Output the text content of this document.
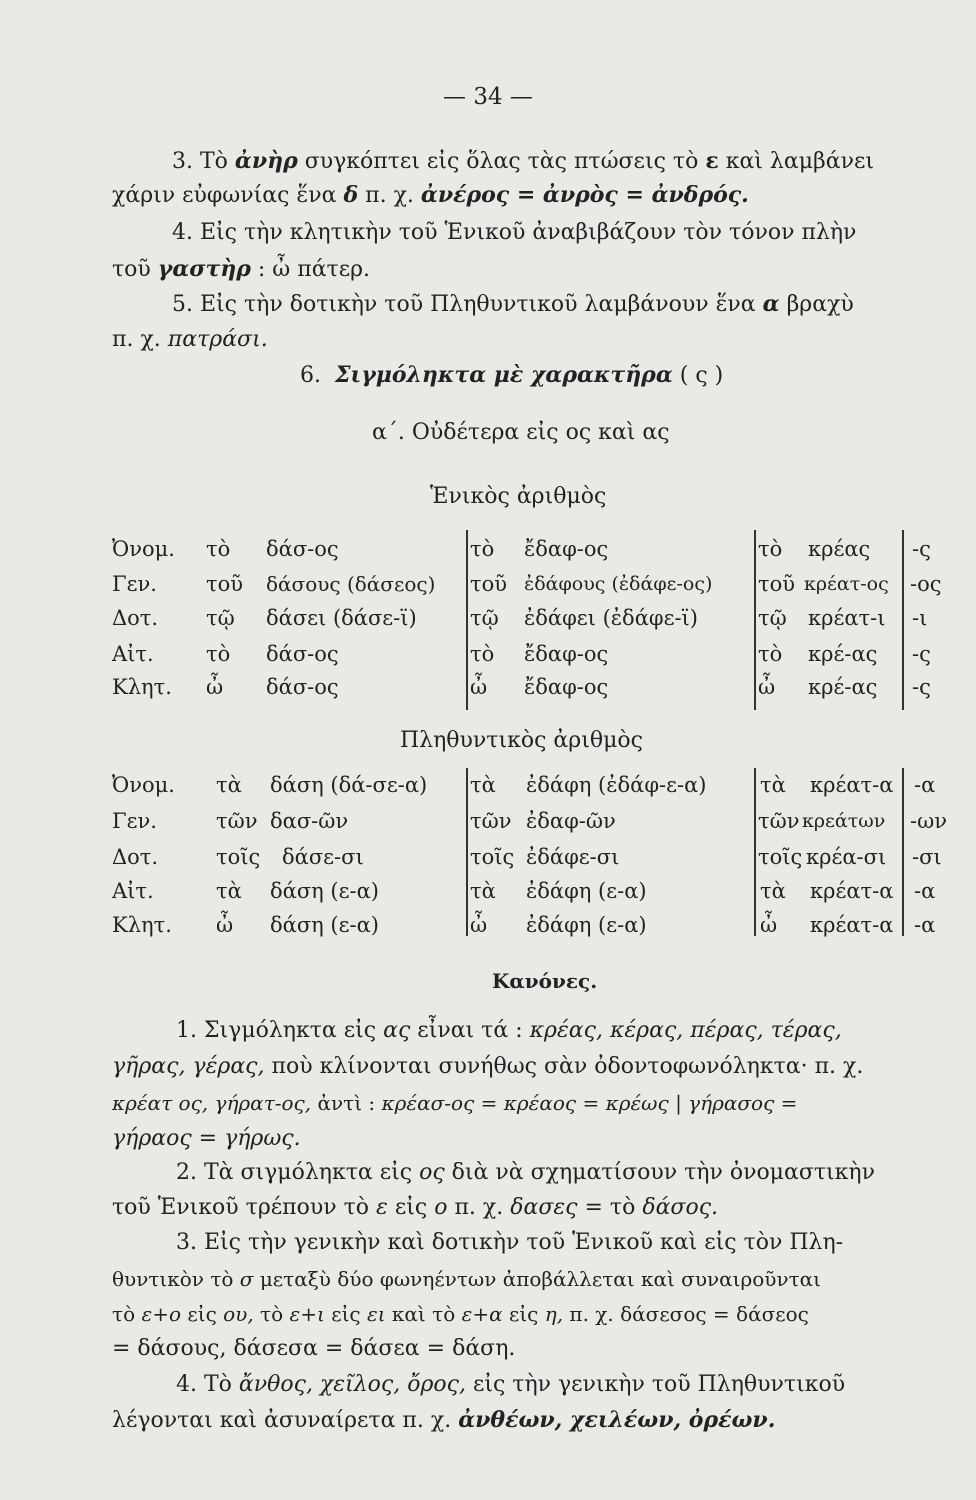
— 34 —
3. Τὸ ἀνὴρ συγκόπτει εἰς ὅλας τὰς πτώσεις τὸ ε καὶ λαμβάνει
χάριν εὐφωνίας ἕνα δ π. χ. ἀνέρος = ἀνρὸς = ἀνδρός.
4. Εἰς τὴν κλητικὴν τοῦ Ἑνικοῦ ἀναβιβάζουν τὸν τόνον πλὴν
τοῦ γαστὴρ : ὦ πάτερ.
5. Εἰς τὴν δοτικὴν τοῦ Πληθυντικοῦ λαμβάνουν ἕνα α βραχὺ
π. χ. πατράσι.
6. Σιγμόληκτα μὲ χαρακτῆρα ( ς )
α΄. Οὐδέτερα εἰς ος καὶ ας
Ἑνικὸς ἀριθμὸς
Ὀνομ. τὸ δάσ-ος	τὸ ἔδαφ-ος	τὸ κρέας -ς
Γεν. τοῦ δάσους (δάσεος) τοῦ ἐδάφους (ἐδάφε-ος) τοῦ κρέατ-ος -ος
Δοτ. τῷ δάσει (δάσε-ϊ)	τῷ ἐδάφει (ἐδάφε-ϊ)	τῷ κρέατ-ι -ι
Αἰτ. τὸ δάσ-ος	τὸ ἔδαφ-ος	τὸ κρέ-ας -ς
Κλητ. ὦ δάσ-ος	ὦ ἔδαφ-ος	ὦ κρέ-ας -ς
Πληθυντικὸς ἀριθμὸς
Ὀνομ. τὰ δάση (δά-σε-α) τὰ ἐδάφη (ἐδάφ-ε-α)	τὰ κρέατ-α -α
Γεν.	τῶν δασ-ῶν	τῶν ἐδαφ-ῶν	τῶν κρεάτων -ων
Δοτ.	τοῖς δάσε-σι	τοῖς ἐδάφε-σι	τοῖς κρέα-σι -σι
Αἰτ.	τὰ δάση (ε-α)	τὰ ἐδάφη (ε-α)	τὰ κρέατ-α -α
Κλητ. ὦ δάση (ε-α)	ὦ ἐδάφη (ε-α)	ὦ κρέατ-α -α
Κανόνες.
1. Σιγμόληκτα εἰς ας εἶναι τά : κρέας, κέρας, πέρας, τέρας,
γῆρας, γέρας, ποὺ κλίνονται συνήθως σὰν ὀδοντοφωνόληκτα· π. χ.
κρέατ ος, γήρατ-ος, ἀντὶ : κρέασ-ος = κρέαος = κρέως | γήρασος =
γήραος = γήρως.
2. Τὰ σιγμόληκτα εἰς ος διὰ νὰ σχηματίσουν τὴν ὀνομαστικὴν
τοῦ Ἑνικοῦ τρέπουν τὸ ε εἰς ο π. χ. δασες = τὸ δάσος.
3. Εἰς τὴν γενικὴν καὶ δοτικὴν τοῦ Ἑνικοῦ καὶ εἰς τὸν Πλη-
θυντικὸν τὸ σ μεταξὺ δύο φωνηέντων ἀποβάλλεται καὶ συναιροῦνται
τὸ ε+ο εἰς ου, τὸ ε+ι εἰς ει καὶ τὸ ε+α εἰς η, π. χ. δάσεσος = δάσεος
= δάσους, δάσεσα = δάσεα = δάση.
4. Τὸ ἄνθος, χεῖλος, ὄρος, εἰς τὴν γενικὴν τοῦ Πληθυντικοῦ
λέγονται καὶ ἀσυναίρετα π. χ. ἀνθέων, χειλέων, ὀρέων.
